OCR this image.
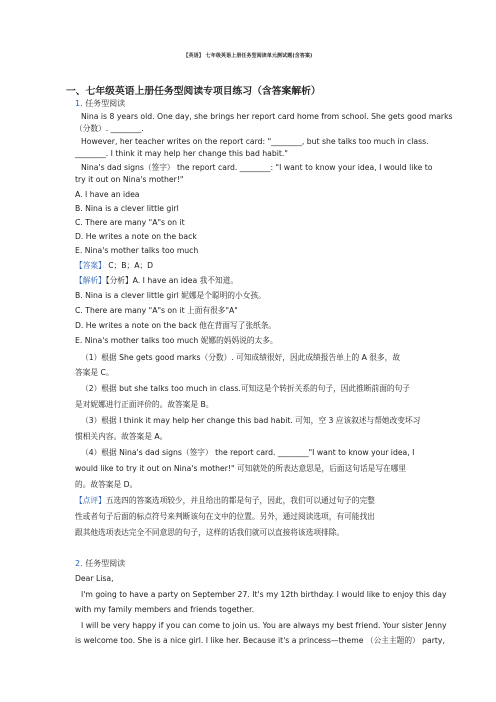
【英语】 七年级英语上册任务型阅读单元测试题(含答案)
一、七年级英语上册任务型阅读专项目练习（含答案解析）
1. 任务型阅读
Nina is 8 years old. One day, she brings her report card home from school. She gets good marks
（分数）. ________.
However, her teacher writes on the report card: "________, but she talks too much in class.
________. I think it may help her change this bad habit."
Nina's dad signs（签字） the report card. ________: "I want to know your idea, I would like to
try it out on Nina's mother!"
A. I have an idea
B. Nina is a clever little girl
C. There are many "A"s on it
D. He writes a note on the back
E. Nina's mother talks too much
【答案】 C；B；A；D
【解析】【分析】A. I have an idea 我不知道。
B. Nina is a clever little girl 妮娜是个聪明的小女孩。
C. There are many "A"s on it 上面有很多"A"
D. He writes a note on the back 他在背面写了张纸条。
E. Nina's mother talks too much 妮娜的妈妈说的太多。
（1）根据 She gets good marks（分数）. 可知成绩很好，因此成绩报告单上的 A 很多，故
答案是 C。
（2）根据 but she talks too much in class.可知这是个转折关系的句子，因此推断前面的句子
是对妮娜进行正面评价的。故答案是 B。
（3）根据 I think it may help her change this bad habit. 可知，空 3 应该叙述与帮她改变坏习
惯相关内容。故答案是 A。
（4）根据 Nina's dad signs（签字） the report card. ________"I want to know your idea, I
would like to try it out on Nina's mother!" 可知就处的所表达意思是，后面这句话是写在哪里
的。故答案是 D。
【点评】五选四的答案选项较少，并且给出的都是句子，因此，我们可以通过句子的完整
性或者句子后面的标点符号来判断该句在文中的位置。另外，通过阅读选项，有可能找出
跟其他选项表达完全不同意思的句子，这样的话我们就可以直接将该选项排除。
2. 任务型阅读
Dear Lisa,
I'm going to have a party on September 27. It's my 12th birthday. I would like to enjoy this day
with my family members and friends together.
I will be very happy if you can come to join us. You are always my best friend. Your sister Jenny
is welcome too. She is a nice girl. I like her. Because it's a princess—theme （公主主题的） party,
